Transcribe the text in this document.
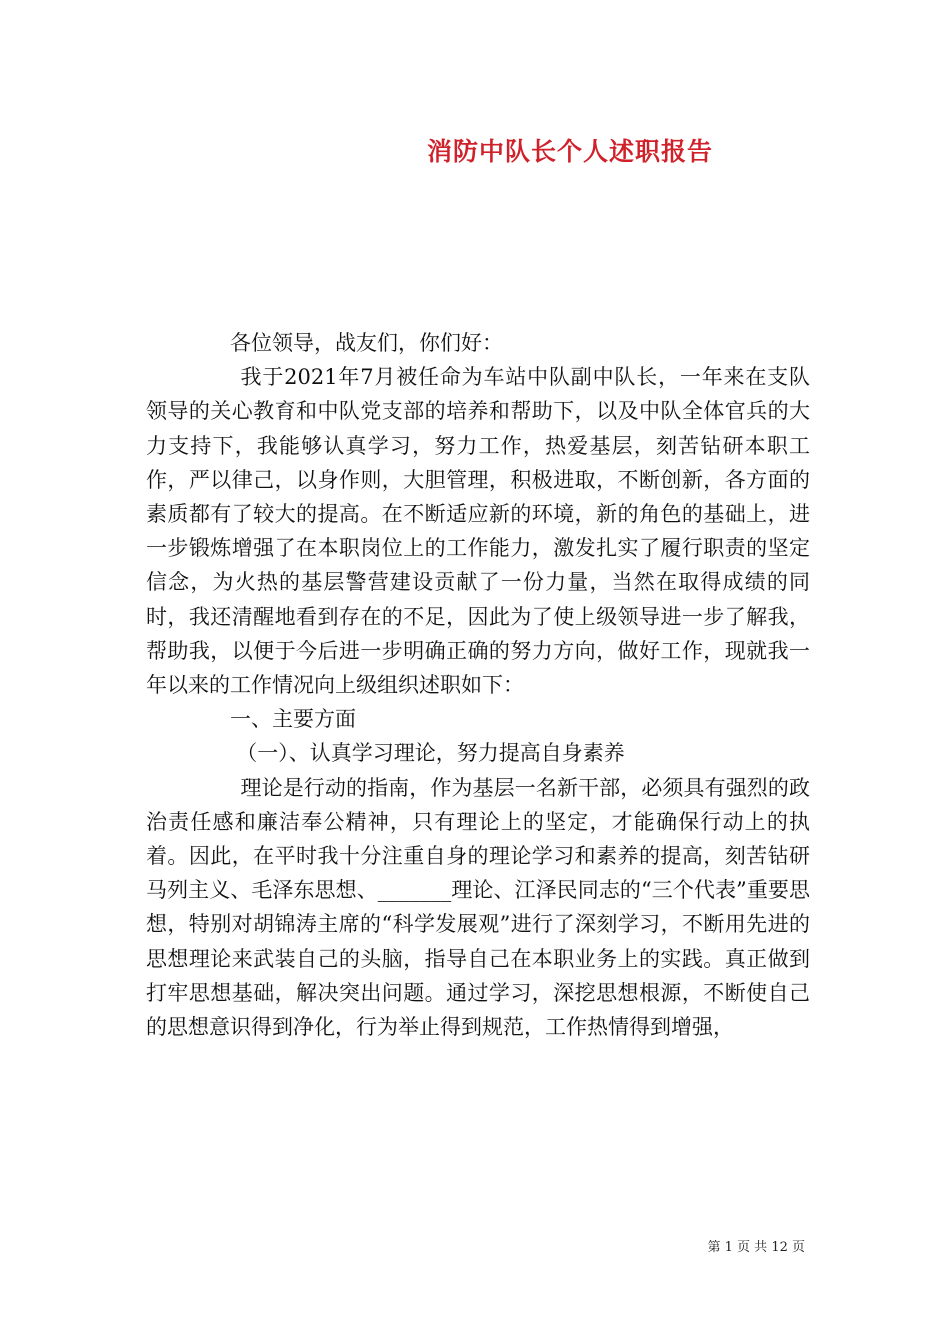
消防中队长个人述职报告

各位领导，战友们，你们好：

我于2021年7月被任命为车站中队副中队长，一年来在支队领导的关心教育和中队党支部的培养和帮助下，以及中队全体官兵的大力支持下，我能够认真学习，努力工作，热爱基层，刻苦钻研本职工作，严以律己，以身作则，大胆管理，积极进取，不断创新，各方面的素质都有了较大的提高。在不断适应新的环境，新的角色的基础上，进一步锻炼增强了在本职岗位上的工作能力，激发扎实了履行职责的坚定信念，为火热的基层警营建设贡献了一份力量，当然在取得成绩的同时，我还清醒地看到存在的不足，因此为了使上级领导进一步了解我，帮助我，以便于今后进一步明确正确的努力方向，做好工作，现就我一年以来的工作情况向上级组织述职如下：

一、主要方面

（一）、认真学习理论，努力提高自身素养

理论是行动的指南，作为基层一名新干部，必须具有强烈的政治责任感和廉洁奉公精神，只有理论上的坚定，才能确保行动上的执着。因此，在平时我十分注重自身的理论学习和素养的提高，刻苦钻研马列主义、毛泽东思想、_______理论、江泽民同志的“三个代表”重要思想，特别对胡锦涛主席的“科学发展观”进行了深刻学习，不断用先进的思想理论来武装自己的头脑，指导自己在本职业务上的实践。真正做到打牢思想基础，解决突出问题。通过学习，深挖思想根源，不断使自己的思想意识得到净化，行为举止得到规范，工作热情得到增强，

第 1 页 共 12 页
